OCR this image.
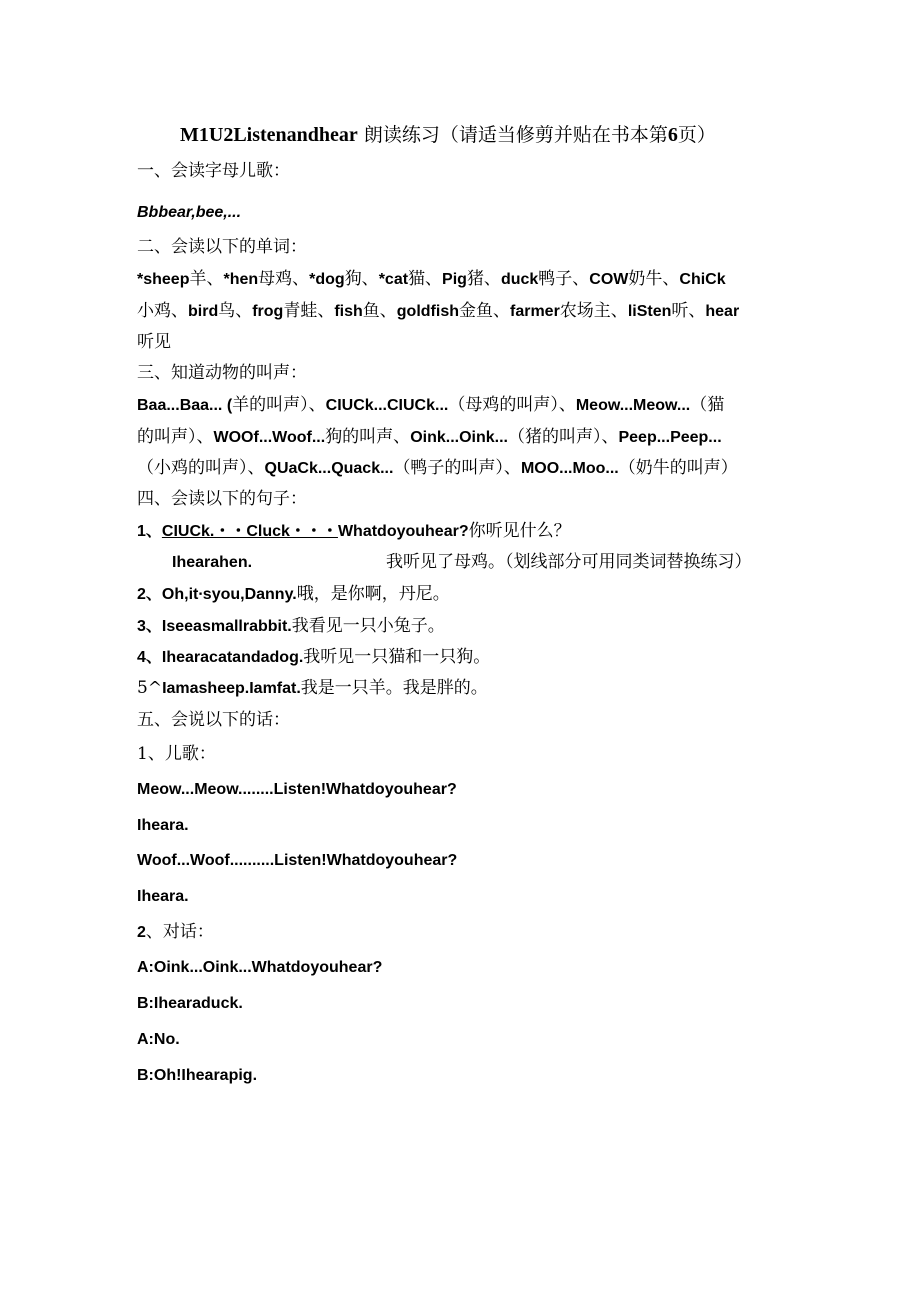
M1U2Listenandhear 朗读练习（请适当修剪并贴在书本第6页）
一、会读字母儿歌：
Bbbear,bee,...
二、会读以下的单词：
*sheep羊、*hen母鸡、*dog狗、*cat猫、Pig猪、duck鸭子、COW奶牛、ChiCk
小鸡、bird鸟、frog青蛙、fish鱼、goldfish金鱼、farmer农场主、liSten听、hear
听见
三、知道动物的叫声：
Baa...Baa... (羊的叫声）、CIUCk...CIUCk...（母鸡的叫声）、Meow...Meow...（猫
的叫声）、WOOf...Woof...狗的叫声、Oink...Oink...（猪的叫声）、Peep...Peep...
（小鸡的叫声）、QUaCk...Quack...（鸭子的叫声）、MOO...Moo...（奶牛的叫声）
四、会读以下的句子：
1、CIUCk.・・Cluck・・・Whatdoyouhear?你听见什么？
Ihearahen.	我听见了母鸡。（划线部分可用同类词替换练习）
2、Oh,it∙syou,Danny.哦，是你啊，丹尼。
3、Iseeasmallrabbit.我看见一只小兔子。
4、Ihearacatandadog.我听见一只猫和一只狗。
5^Iamasheep.Iamfat.我是一只羊。我是胖的。
五、会说以下的话：
1、儿歌：
Meow...Meow........Listen!Whatdoyouhear?
Iheara.
Woof...Woof..........Listen!Whatdoyouhear?
Iheara.
2、对话：
A:Oink...Oink...Whatdoyouhear?
B:Ihearaduck.
A:No.
B:Oh!Ihearapig.
